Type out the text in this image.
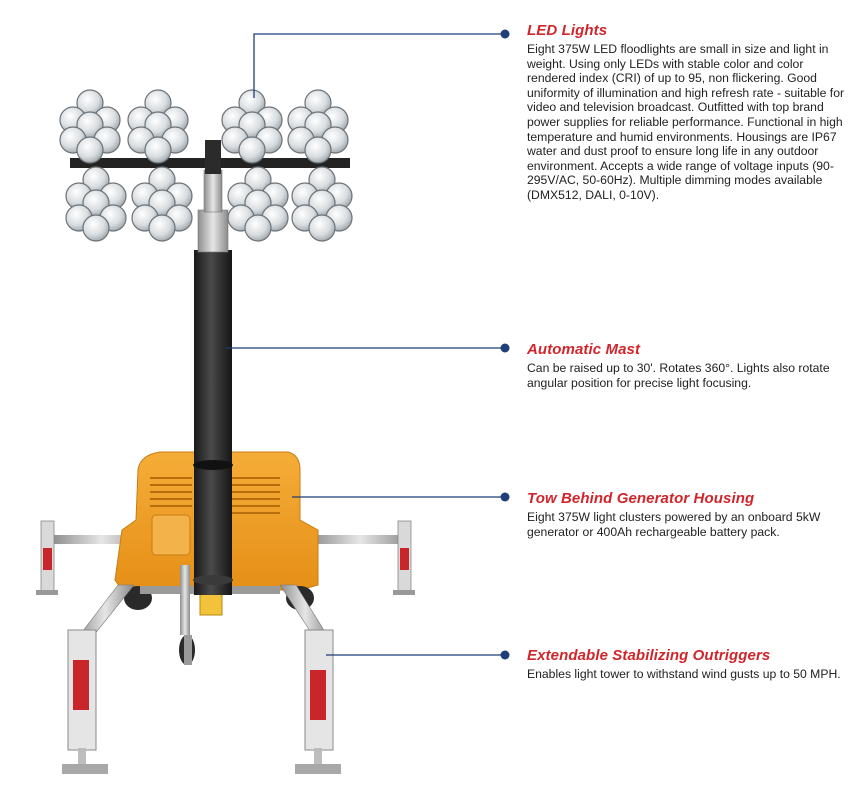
LED Lights

Eight 375W LED floodlights are small in size and light in weight. Using only LEDs with stable color and color rendered index (CRI) of up to 95, non flickering. Good uniformity of illumination and high refresh rate - suitable for video and television broadcast. Outfitted with top brand power supplies for reliable performance. Functional in high temperature and humid environments. Housings are IP67 water and dust proof to ensure long life in any outdoor environment. Accepts a wide range of voltage inputs (90-295V/AC, 50-60Hz). Multiple dimming modes available (DMX512, DALI, 0-10V).

Automatic Mast

Can be raised up to 30'. Rotates 360°. Lights also rotate angular position for precise light focusing.

Tow Behind Generator Housing

Eight 375W light clusters powered by an onboard 5kW generator or 400Ah rechargeable battery pack.

Extendable Stabilizing Outriggers

Enables light tower to withstand wind gusts up to 50 MPH.
